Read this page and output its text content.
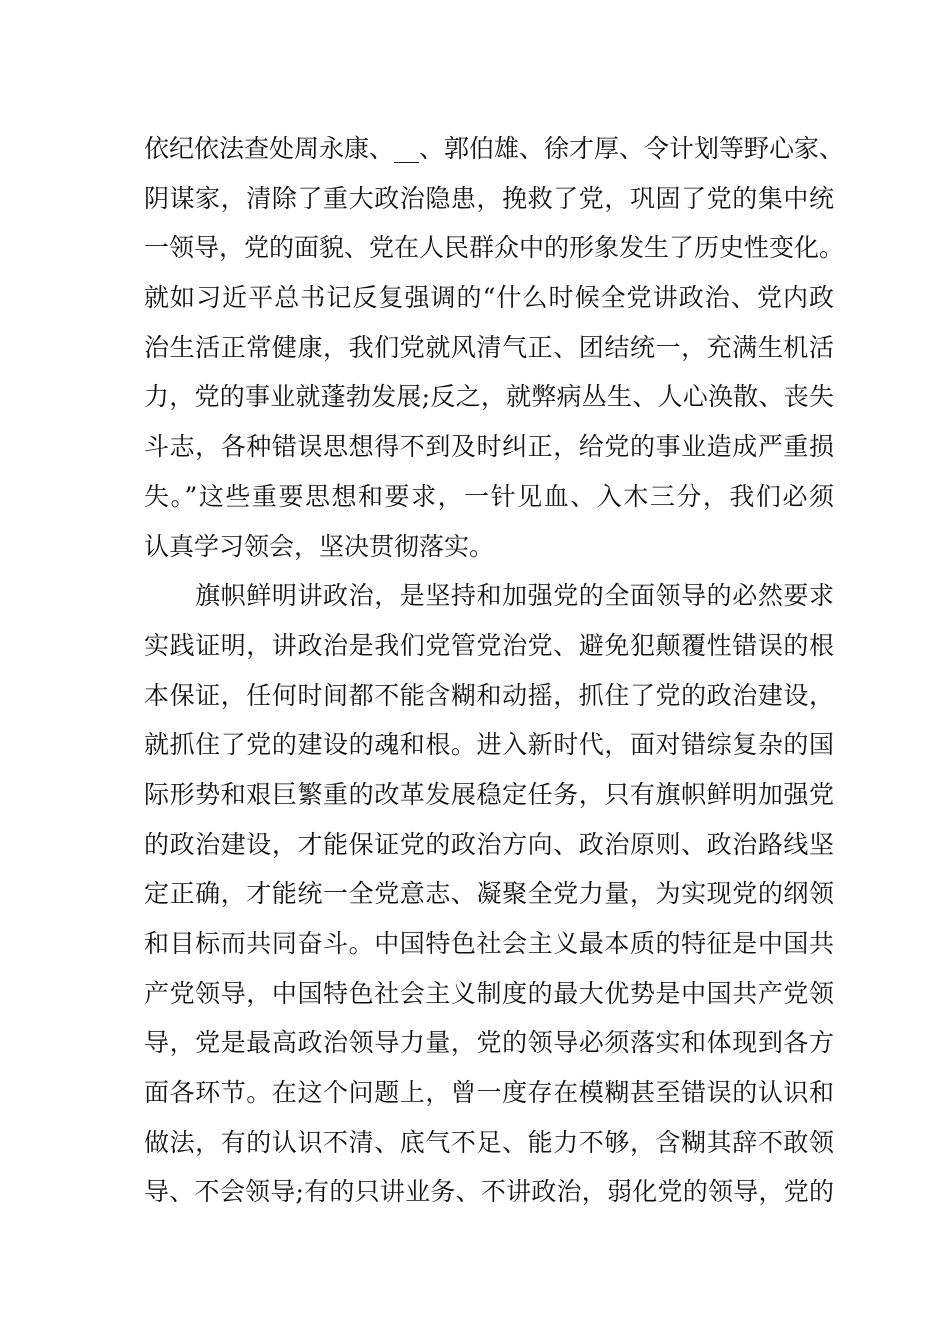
依纪依法查处周永康、__、郭伯雄、徐才厚、令计划等野心家、
阴谋家，清除了重大政治隐患，挽救了党，巩固了党的集中统
一领导，党的面貌、党在人民群众中的形象发生了历史性变化。
就如习近平总书记反复强调的“什么时候全党讲政治、党内政
治生活正常健康，我们党就风清气正、团结统一，充满生机活
力，党的事业就蓬勃发展;反之，就弊病丛生、人心涣散、丧失
斗志，各种错误思想得不到及时纠正，给党的事业造成严重损
失。”这些重要思想和要求，一针见血、入木三分，我们必须
认真学习领会，坚决贯彻落实。
　　旗帜鲜明讲政治，是坚持和加强党的全面领导的必然要求
实践证明，讲政治是我们党管党治党、避免犯颠覆性错误的根
本保证，任何时间都不能含糊和动摇，抓住了党的政治建设，
就抓住了党的建设的魂和根。进入新时代，面对错综复杂的国
际形势和艰巨繁重的改革发展稳定任务，只有旗帜鲜明加强党
的政治建设，才能保证党的政治方向、政治原则、政治路线坚
定正确，才能统一全党意志、凝聚全党力量，为实现党的纲领
和目标而共同奋斗。中国特色社会主义最本质的特征是中国共
产党领导，中国特色社会主义制度的最大优势是中国共产党领
导，党是最高政治领导力量，党的领导必须落实和体现到各方
面各环节。在这个问题上，曾一度存在模糊甚至错误的认识和
做法，有的认识不清、底气不足、能力不够，含糊其辞不敢领
导、不会领导;有的只讲业务、不讲政治，弱化党的领导，党的
